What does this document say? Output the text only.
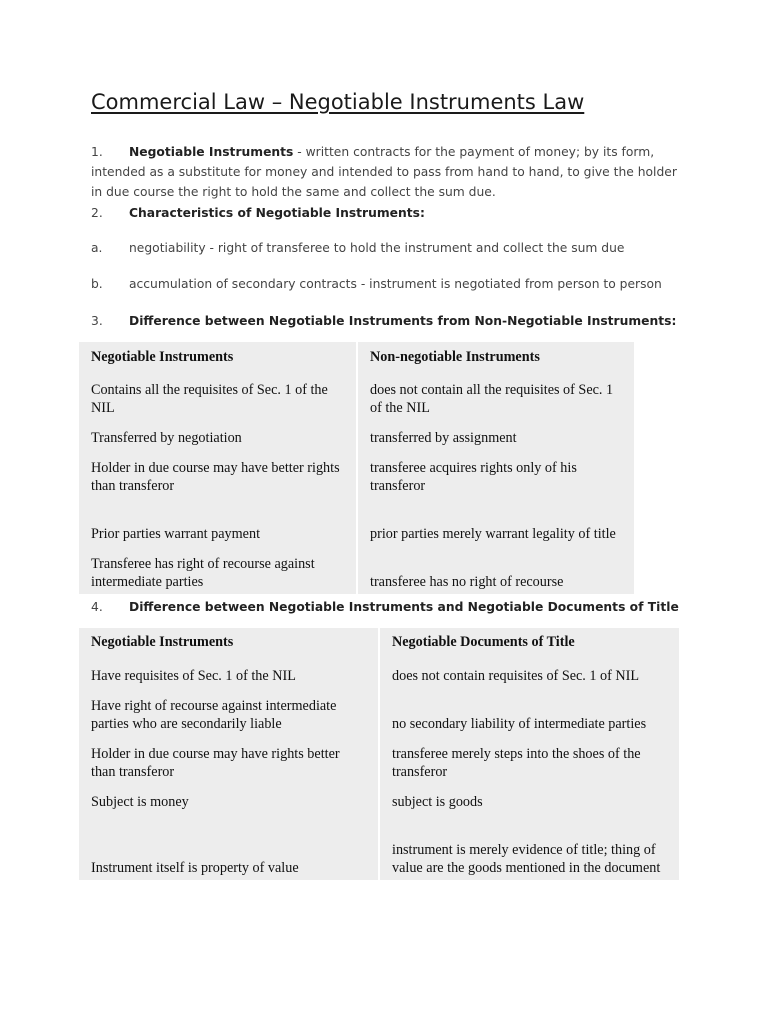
Commercial Law – Negotiable Instruments Law
1. Negotiable Instruments - written contracts for the payment of money; by its form, intended as a substitute for money and intended to pass from hand to hand, to give the holder in due course the right to hold the same and collect the sum due.
2. Characteristics of Negotiable Instruments:
a. negotiability - right of transferee to hold the instrument and collect the sum due
b. accumulation of secondary contracts - instrument is negotiated from person to person
3. Difference between Negotiable Instruments from Non-Negotiable Instruments:
Negotiable Instruments	Non-negotiable Instruments
Contains all the requisites of Sec. 1 of the NIL	does not contain all the requisites of Sec. 1 of the NIL
Transferred by negotiation	transferred by assignment
Holder in due course may have better rights than transferor	transferee acquires rights only of his transferor
Prior parties warrant payment	prior parties merely warrant legality of title
Transferee has right of recourse against intermediate parties	transferee has no right of recourse
4. Difference between Negotiable Instruments and Negotiable Documents of Title
Negotiable Instruments	Negotiable Documents of Title
Have requisites of Sec. 1 of the NIL	does not contain requisites of Sec. 1 of NIL
Have right of recourse against intermediate parties who are secondarily liable	no secondary liability of intermediate parties
Holder in due course may have rights better than transferor	transferee merely steps into the shoes of the transferor
Subject is money	subject is goods
Instrument itself is property of value	instrument is merely evidence of title; thing of value are the goods mentioned in the document
